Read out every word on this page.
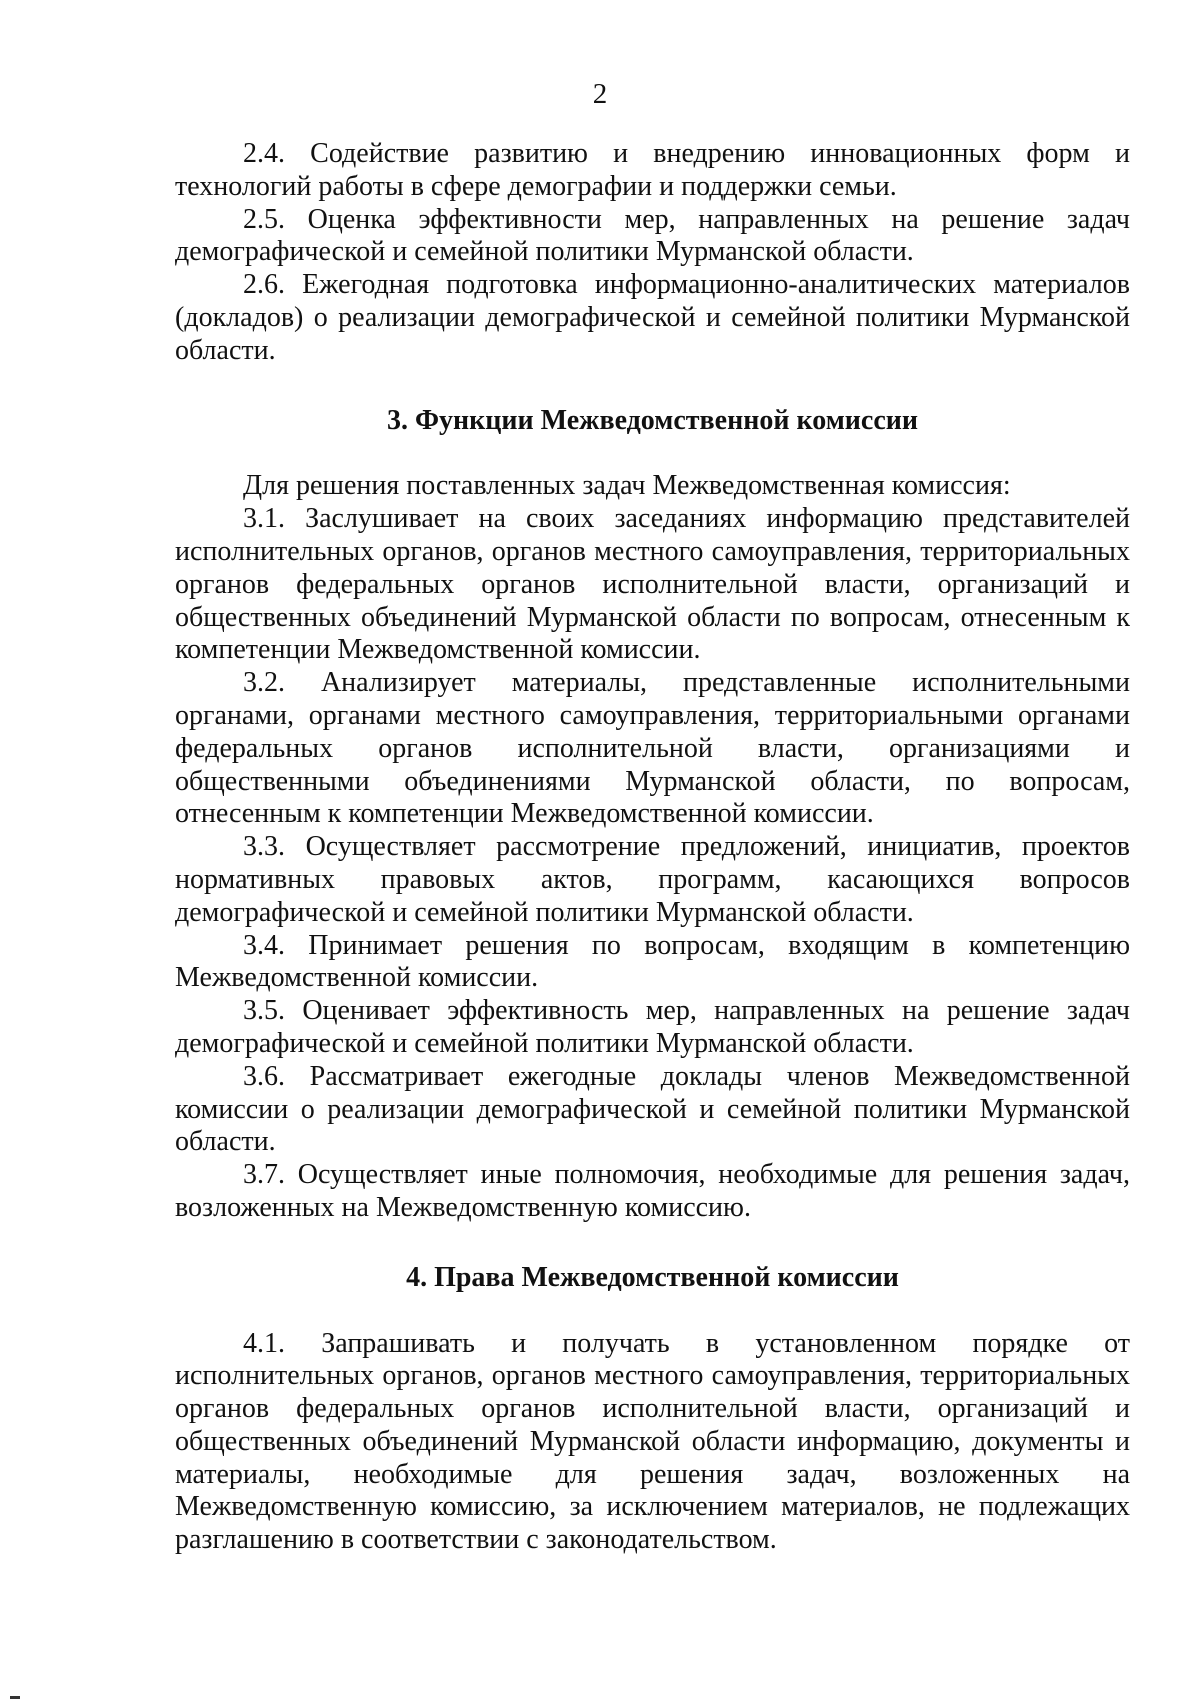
2

2.4. Содействие развитию и внедрению инновационных форм и технологий работы в сфере демографии и поддержки семьи.

2.5. Оценка эффективности мер, направленных на решение задач демографической и семейной политики Мурманской области.

2.6. Ежегодная подготовка информационно-аналитических материалов (докладов) о реализации демографической и семейной политики Мурманской области.

3. Функции Межведомственной комиссии

Для решения поставленных задач Межведомственная комиссия:

3.1. Заслушивает на своих заседаниях информацию представителей исполнительных органов, органов местного самоуправления, территориальных органов федеральных органов исполнительной власти, организаций и общественных объединений Мурманской области по вопросам, отнесенным к компетенции Межведомственной комиссии.

3.2. Анализирует материалы, представленные исполнительными органами, органами местного самоуправления, территориальными органами федеральных органов исполнительной власти, организациями и общественными объединениями Мурманской области, по вопросам, отнесенным к компетенции Межведомственной комиссии.

3.3. Осуществляет рассмотрение предложений, инициатив, проектов нормативных правовых актов, программ, касающихся вопросов демографической и семейной политики Мурманской области.

3.4. Принимает решения по вопросам, входящим в компетенцию Межведомственной комиссии.

3.5. Оценивает эффективность мер, направленных на решение задач демографической и семейной политики Мурманской области.

3.6. Рассматривает ежегодные доклады членов Межведомственной комиссии о реализации демографической и семейной политики Мурманской области.

3.7. Осуществляет иные полномочия, необходимые для решения задач, возложенных на Межведомственную комиссию.

4. Права Межведомственной комиссии

4.1. Запрашивать и получать в установленном порядке от исполнительных органов, органов местного самоуправления, территориальных органов федеральных органов исполнительной власти, организаций и общественных объединений Мурманской области информацию, документы и материалы, необходимые для решения задач, возложенных на Межведомственную комиссию, за исключением материалов, не подлежащих разглашению в соответствии с законодательством.
